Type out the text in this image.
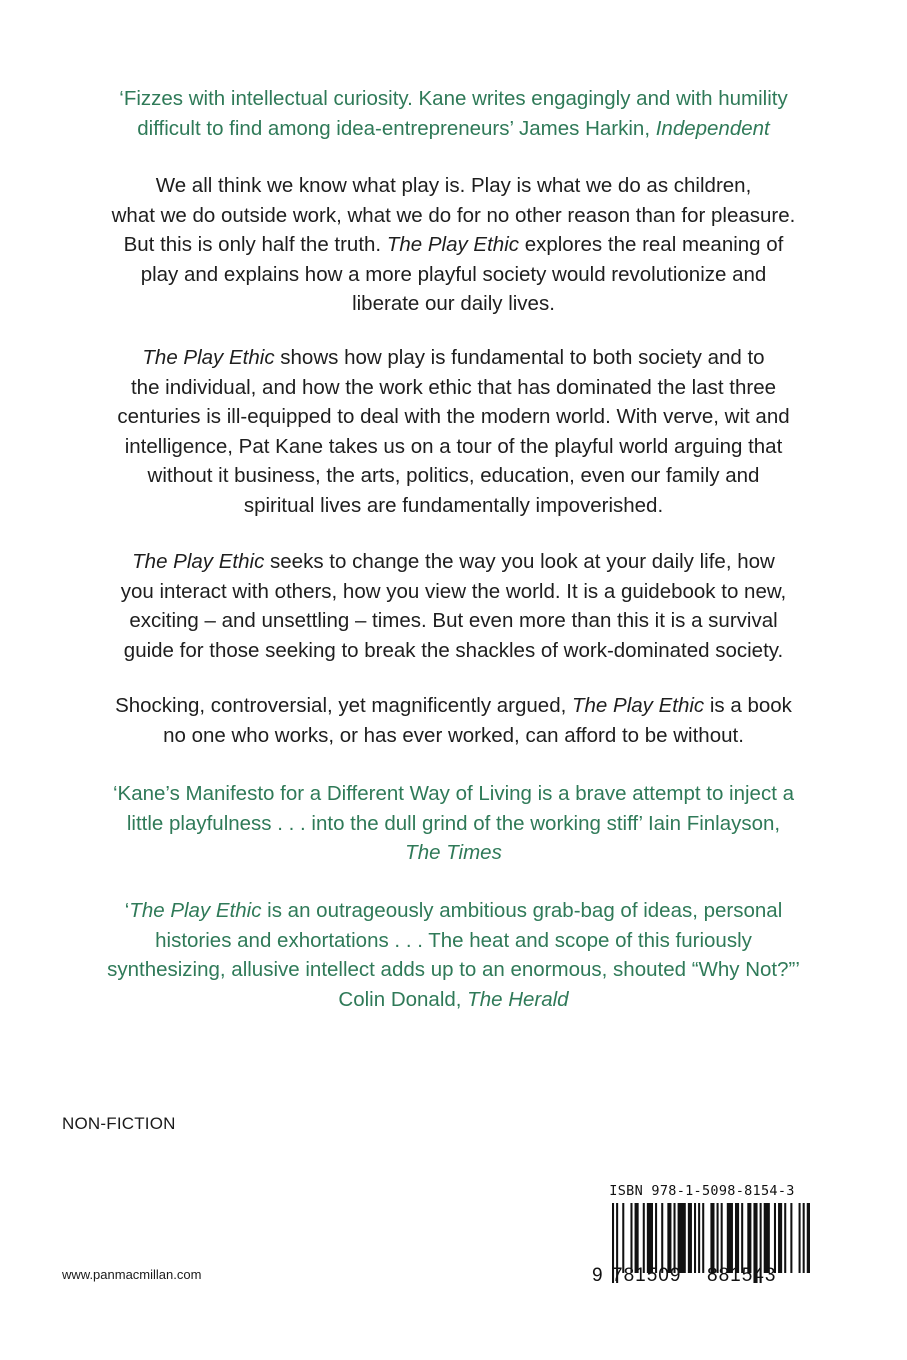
‘Fizzes with intellectual curiosity. Kane writes engagingly and with humility

difficult to find among idea-entrepreneurs’ James Harkin, Independent

We all think we know what play is. Play is what we do as children,

what we do outside work, what we do for no other reason than for pleasure.

But this is only half the truth. The Play Ethic explores the real meaning of

play and explains how a more playful society would revolutionize and

liberate our daily lives.

The Play Ethic shows how play is fundamental to both society and to

the individual, and how the work ethic that has dominated the last three

centuries is ill-equipped to deal with the modern world. With verve, wit and

intelligence, Pat Kane takes us on a tour of the playful world arguing that

without it business, the arts, politics, education, even our family and

spiritual lives are fundamentally impoverished.

The Play Ethic seeks to change the way you look at your daily life, how

you interact with others, how you view the world. It is a guidebook to new,

exciting – and unsettling – times. But even more than this it is a survival

guide for those seeking to break the shackles of work-dominated society.

Shocking, controversial, yet magnificently argued, The Play Ethic is a book

no one who works, or has ever worked, can afford to be without.

‘Kane’s Manifesto for a Different Way of Living is a brave attempt to inject a

little playfulness . . . into the dull grind of the working stiff’ Iain Finlayson,

The Times

‘The Play Ethic is an outrageously ambitious grab-bag of ideas, personal

histories and exhortations . . . The heat and scope of this furiously

synthesizing, allusive intellect adds up to an enormous, shouted “Why Not?”’

Colin Donald, The Herald

NON-FICTION
www.panmacmillan.com
ISBN 978-1-5098-8154-3
9 781509 881543
